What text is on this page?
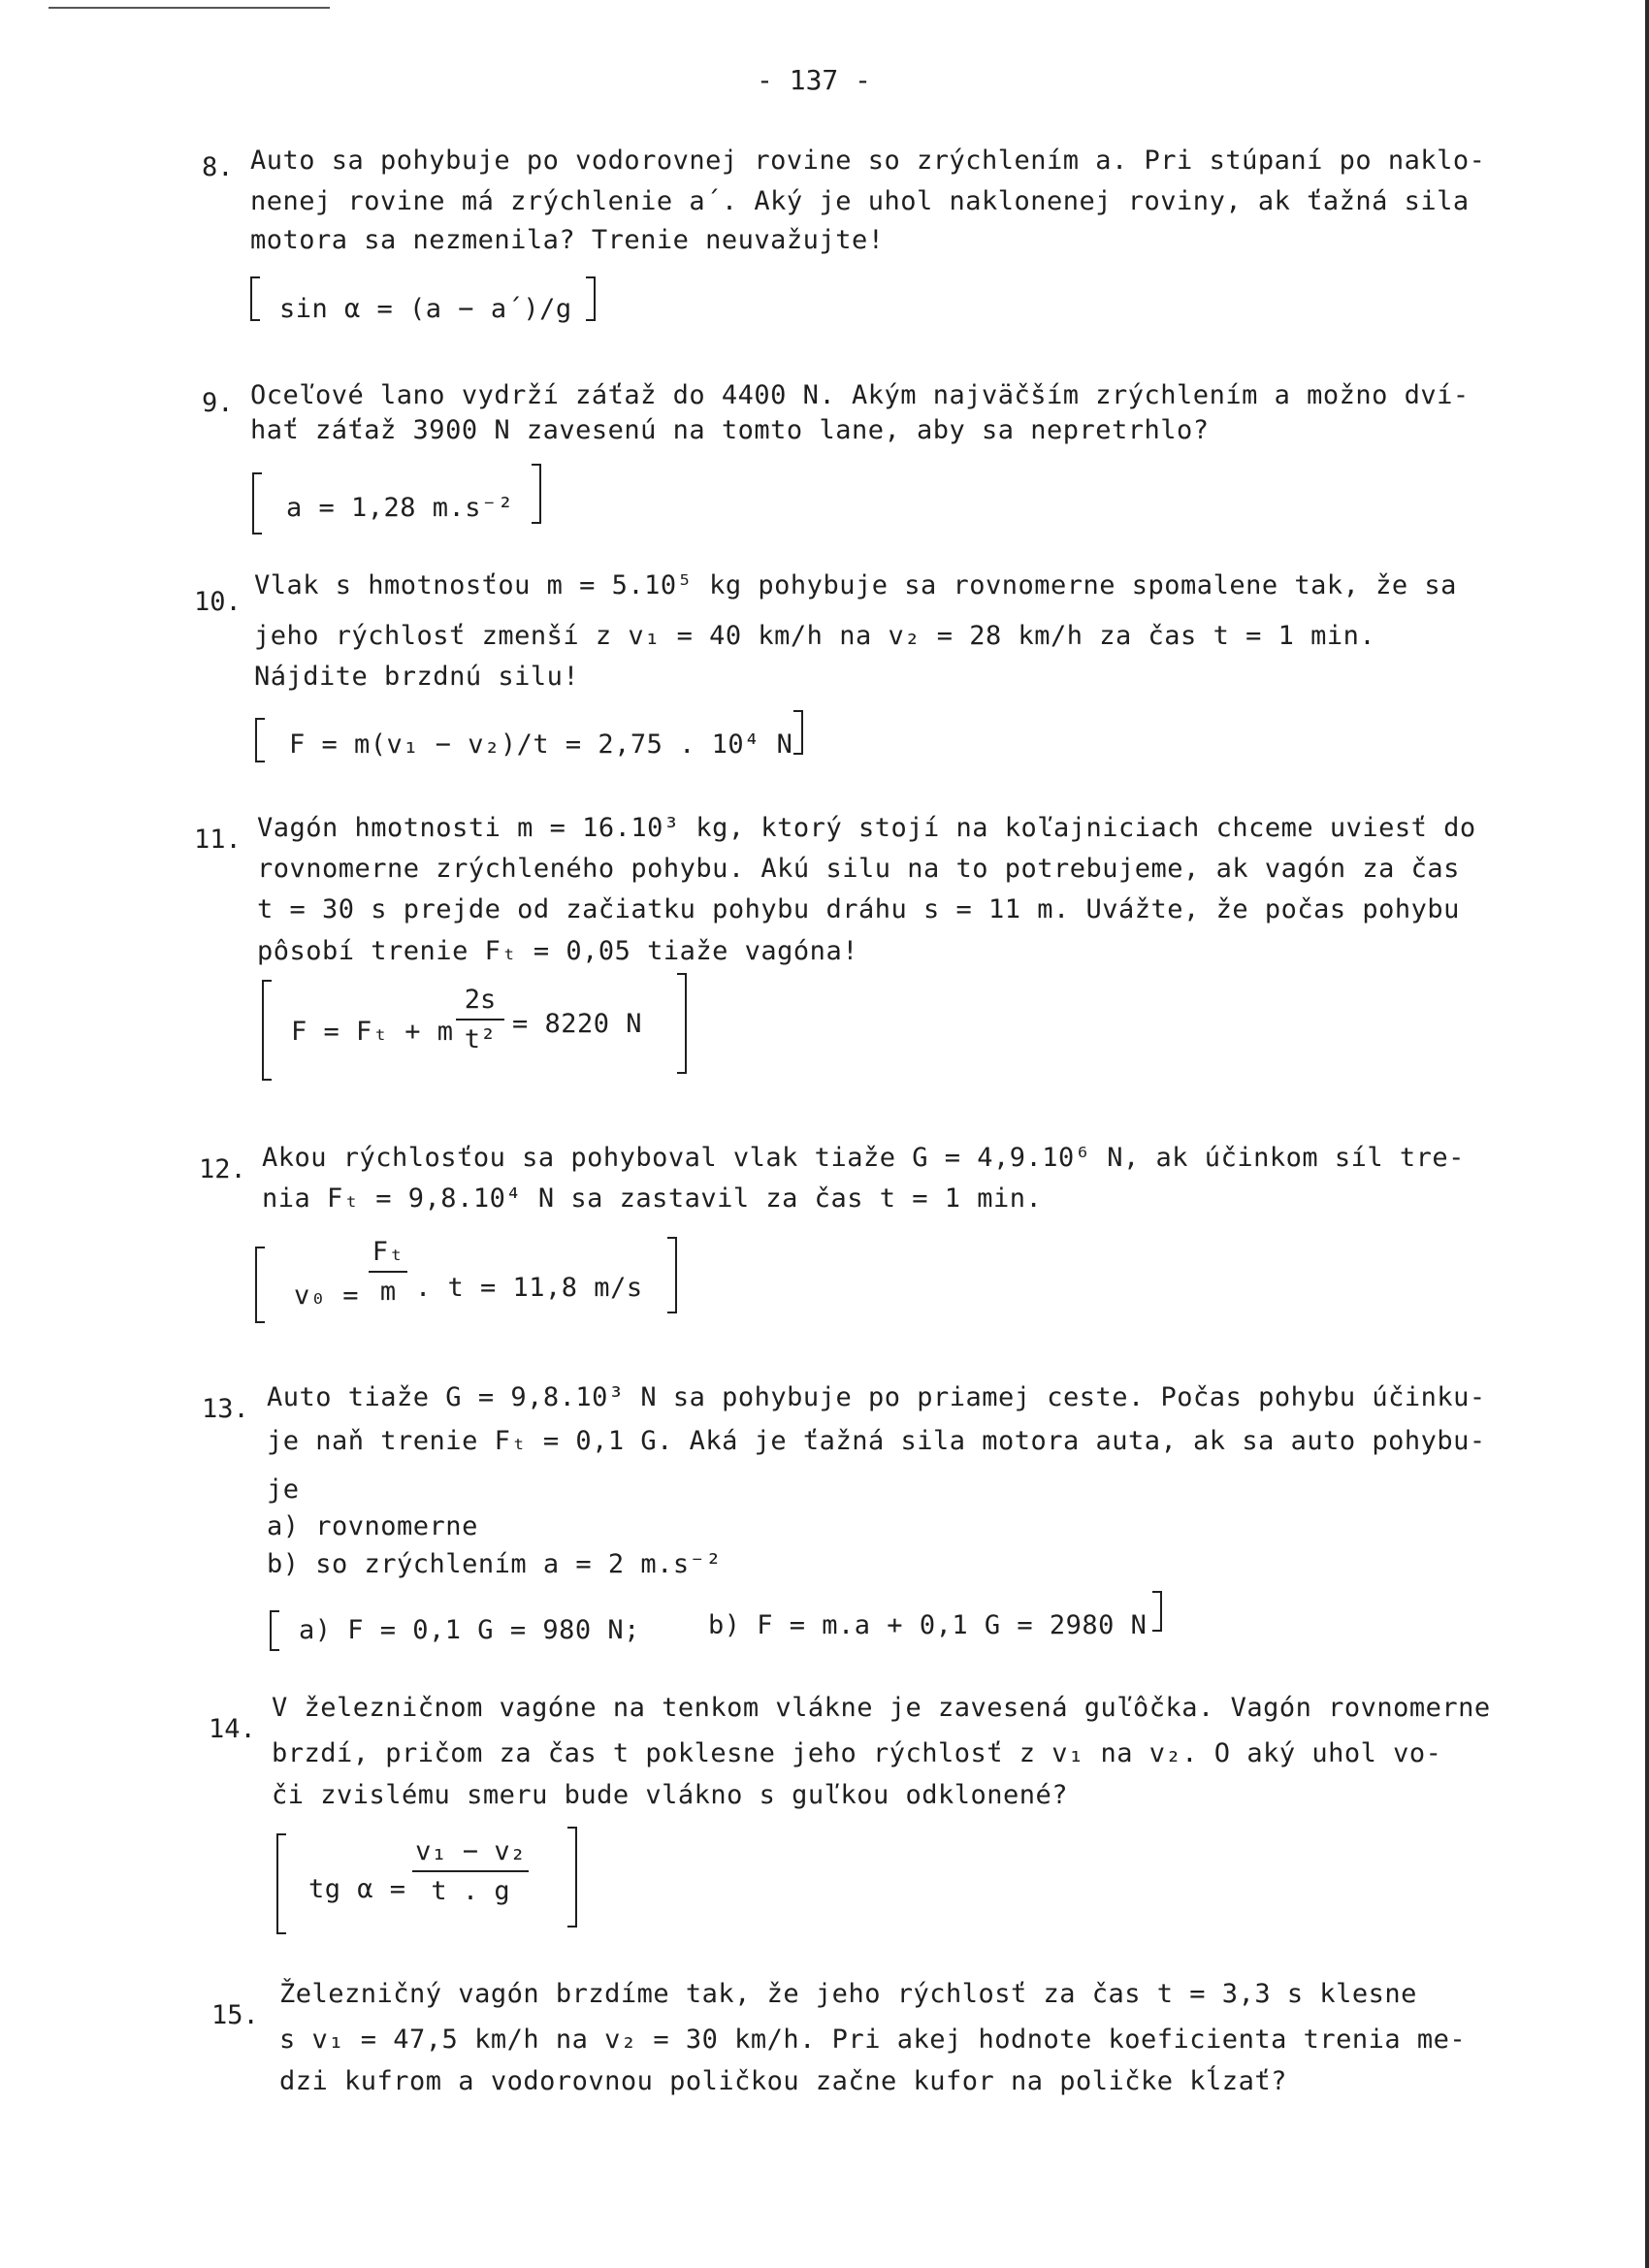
- 137 -
8. Auto sa pohybuje po vodorovnej rovine so zrýchlením a. Pri stúpaní po naklo-
nenej rovine má zrýchlenie a´. Aký je uhol naklonenej roviny, ak ťažná sila
motora sa nezmenila? Trenie neuvažujte!
sin α = (a − a´)/g
9. Oceľové lano vydrží záťaž do 4400 N. Akým najväčším zrýchlením a možno dví-
hať záťaž 3900 N zavesenú na tomto lane, aby sa nepretrhlo?
a = 1,28 m.s⁻²
10.
Vlak s hmotnosťou m = 5.10⁵ kg pohybuje sa rovnomerne spomalene tak, že sa
jeho rýchlosť zmenší z v₁ = 40 km/h na v₂ = 28 km/h za čas t = 1 min.
Nájdite brzdnú silu!
F = m(v₁ − v₂)/t = 2,75 . 10⁴ N
11. Vagón hmotnosti m = 16.10³ kg, ktorý stojí na koľajniciach chceme uviesť do
rovnomerne zrýchleného pohybu. Akú silu na to potrebujeme, ak vagón za čas
t = 30 s prejde od začiatku pohybu dráhu s = 11 m. Uvážte, že počas pohybu
pôsobí trenie Fₜ = 0,05 tiaže vagóna!
F = Fₜ + m
2s
t²
= 8220 N
12. Akou rýchlosťou sa pohyboval vlak tiaže G = 4,9.10⁶ N, ak účinkom síl tre-
nia Fₜ = 9,8.10⁴ N sa zastavil za čas t = 1 min.
v₀ =
Fₜ
m . t = 11,8 m/s
13. Auto tiaže G = 9,8.10³ N sa pohybuje po priamej ceste. Počas pohybu účinku-
je naň trenie Fₜ = 0,1 G. Aká je ťažná sila motora auta, ak sa auto pohybu-
je
a) rovnomerne
b) so zrýchlením a = 2 m.s⁻²
a) F = 0,1 G = 980 N;	b) F = m.a + 0,1 G = 2980 N
14.
V železničnom vagóne na tenkom vlákne je zavesená guľôčka. Vagón rovnomerne
brzdí, pričom za čas t poklesne jeho rýchlosť z v₁ na v₂. O aký uhol vo-
či zvislému smeru bude vlákno s guľkou odklonené?
tg α =
v₁ − v₂
t . g
15.
Železničný vagón brzdíme tak, že jeho rýchlosť za čas t = 3,3 s klesne
s v₁ = 47,5 km/h na v₂ = 30 km/h. Pri akej hodnote koeficienta trenia me-
dzi kufrom a vodorovnou poličkou začne kufor na poličke kĺzať?
